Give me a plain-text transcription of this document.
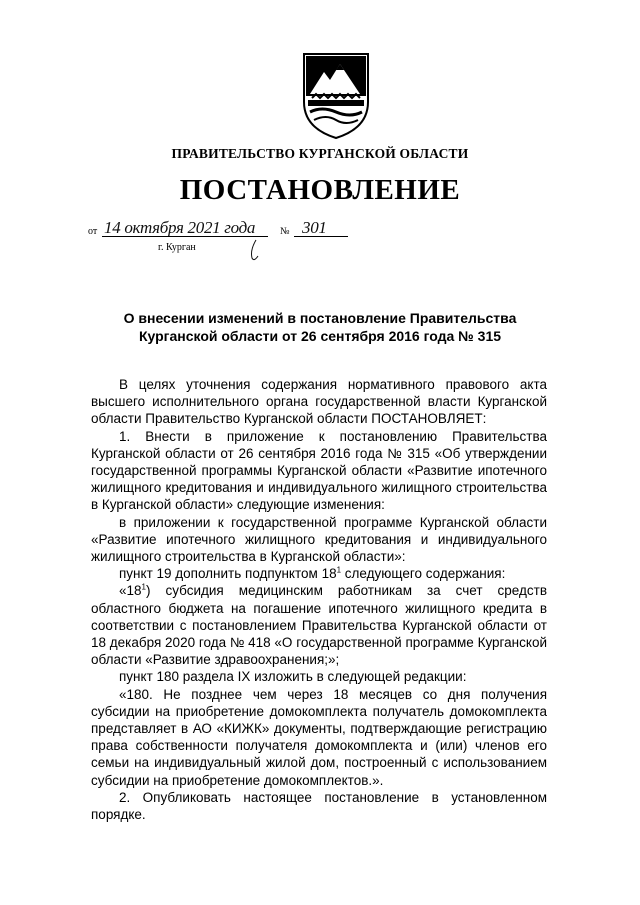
ПРАВИТЕЛЬСТВО КУРГАНСКОЙ ОБЛАСТИ
ПОСТАНОВЛЕНИЕ
от 14 октября 2021 года № 301
г. Курган
О внесении изменений в постановление Правительства
Курганской области от 26 сентября 2016 года № 315

В целях уточнения содержания нормативного правового акта высшего исполнительного органа государственной власти Курганской области Правительство Курганской области ПОСТАНОВЛЯЕТ:

1. Внести в приложение к постановлению Правительства Курганской области от 26 сентября 2016 года № 315 «Об утверждении государственной программы Курганской области «Развитие ипотечного жилищного кредитования и индивидуального жилищного строительства в Курганской области» следующие изменения:

в приложении к государственной программе Курганской области «Развитие ипотечного жилищного кредитования и индивидуального жилищного строительства в Курганской области»:

пункт 19 дополнить подпунктом $18^1$ следующего содержания:

«$18^1$) субсидия медицинским работникам за счет средств областного бюджета на погашение ипотечного жилищного кредита в соответствии с постановлением Правительства Курганской области от 18 декабря 2020 года № 418 «О государственной программе Курганской области «Развитие здравоохранения;»;

пункт 180 раздела IX изложить в следующей редакции:

«180. Не позднее чем через 18 месяцев со дня получения субсидии на приобретение домокомплекта получатель домокомплекта представляет в АО «КИЖК» документы, подтверждающие регистрацию права собственности получателя домокомплекта и (или) членов его семьи на индивидуальный жилой дом, построенный с использованием субсидии на приобретение домокомплектов.».

2. Опубликовать настоящее постановление в установленном порядке.
